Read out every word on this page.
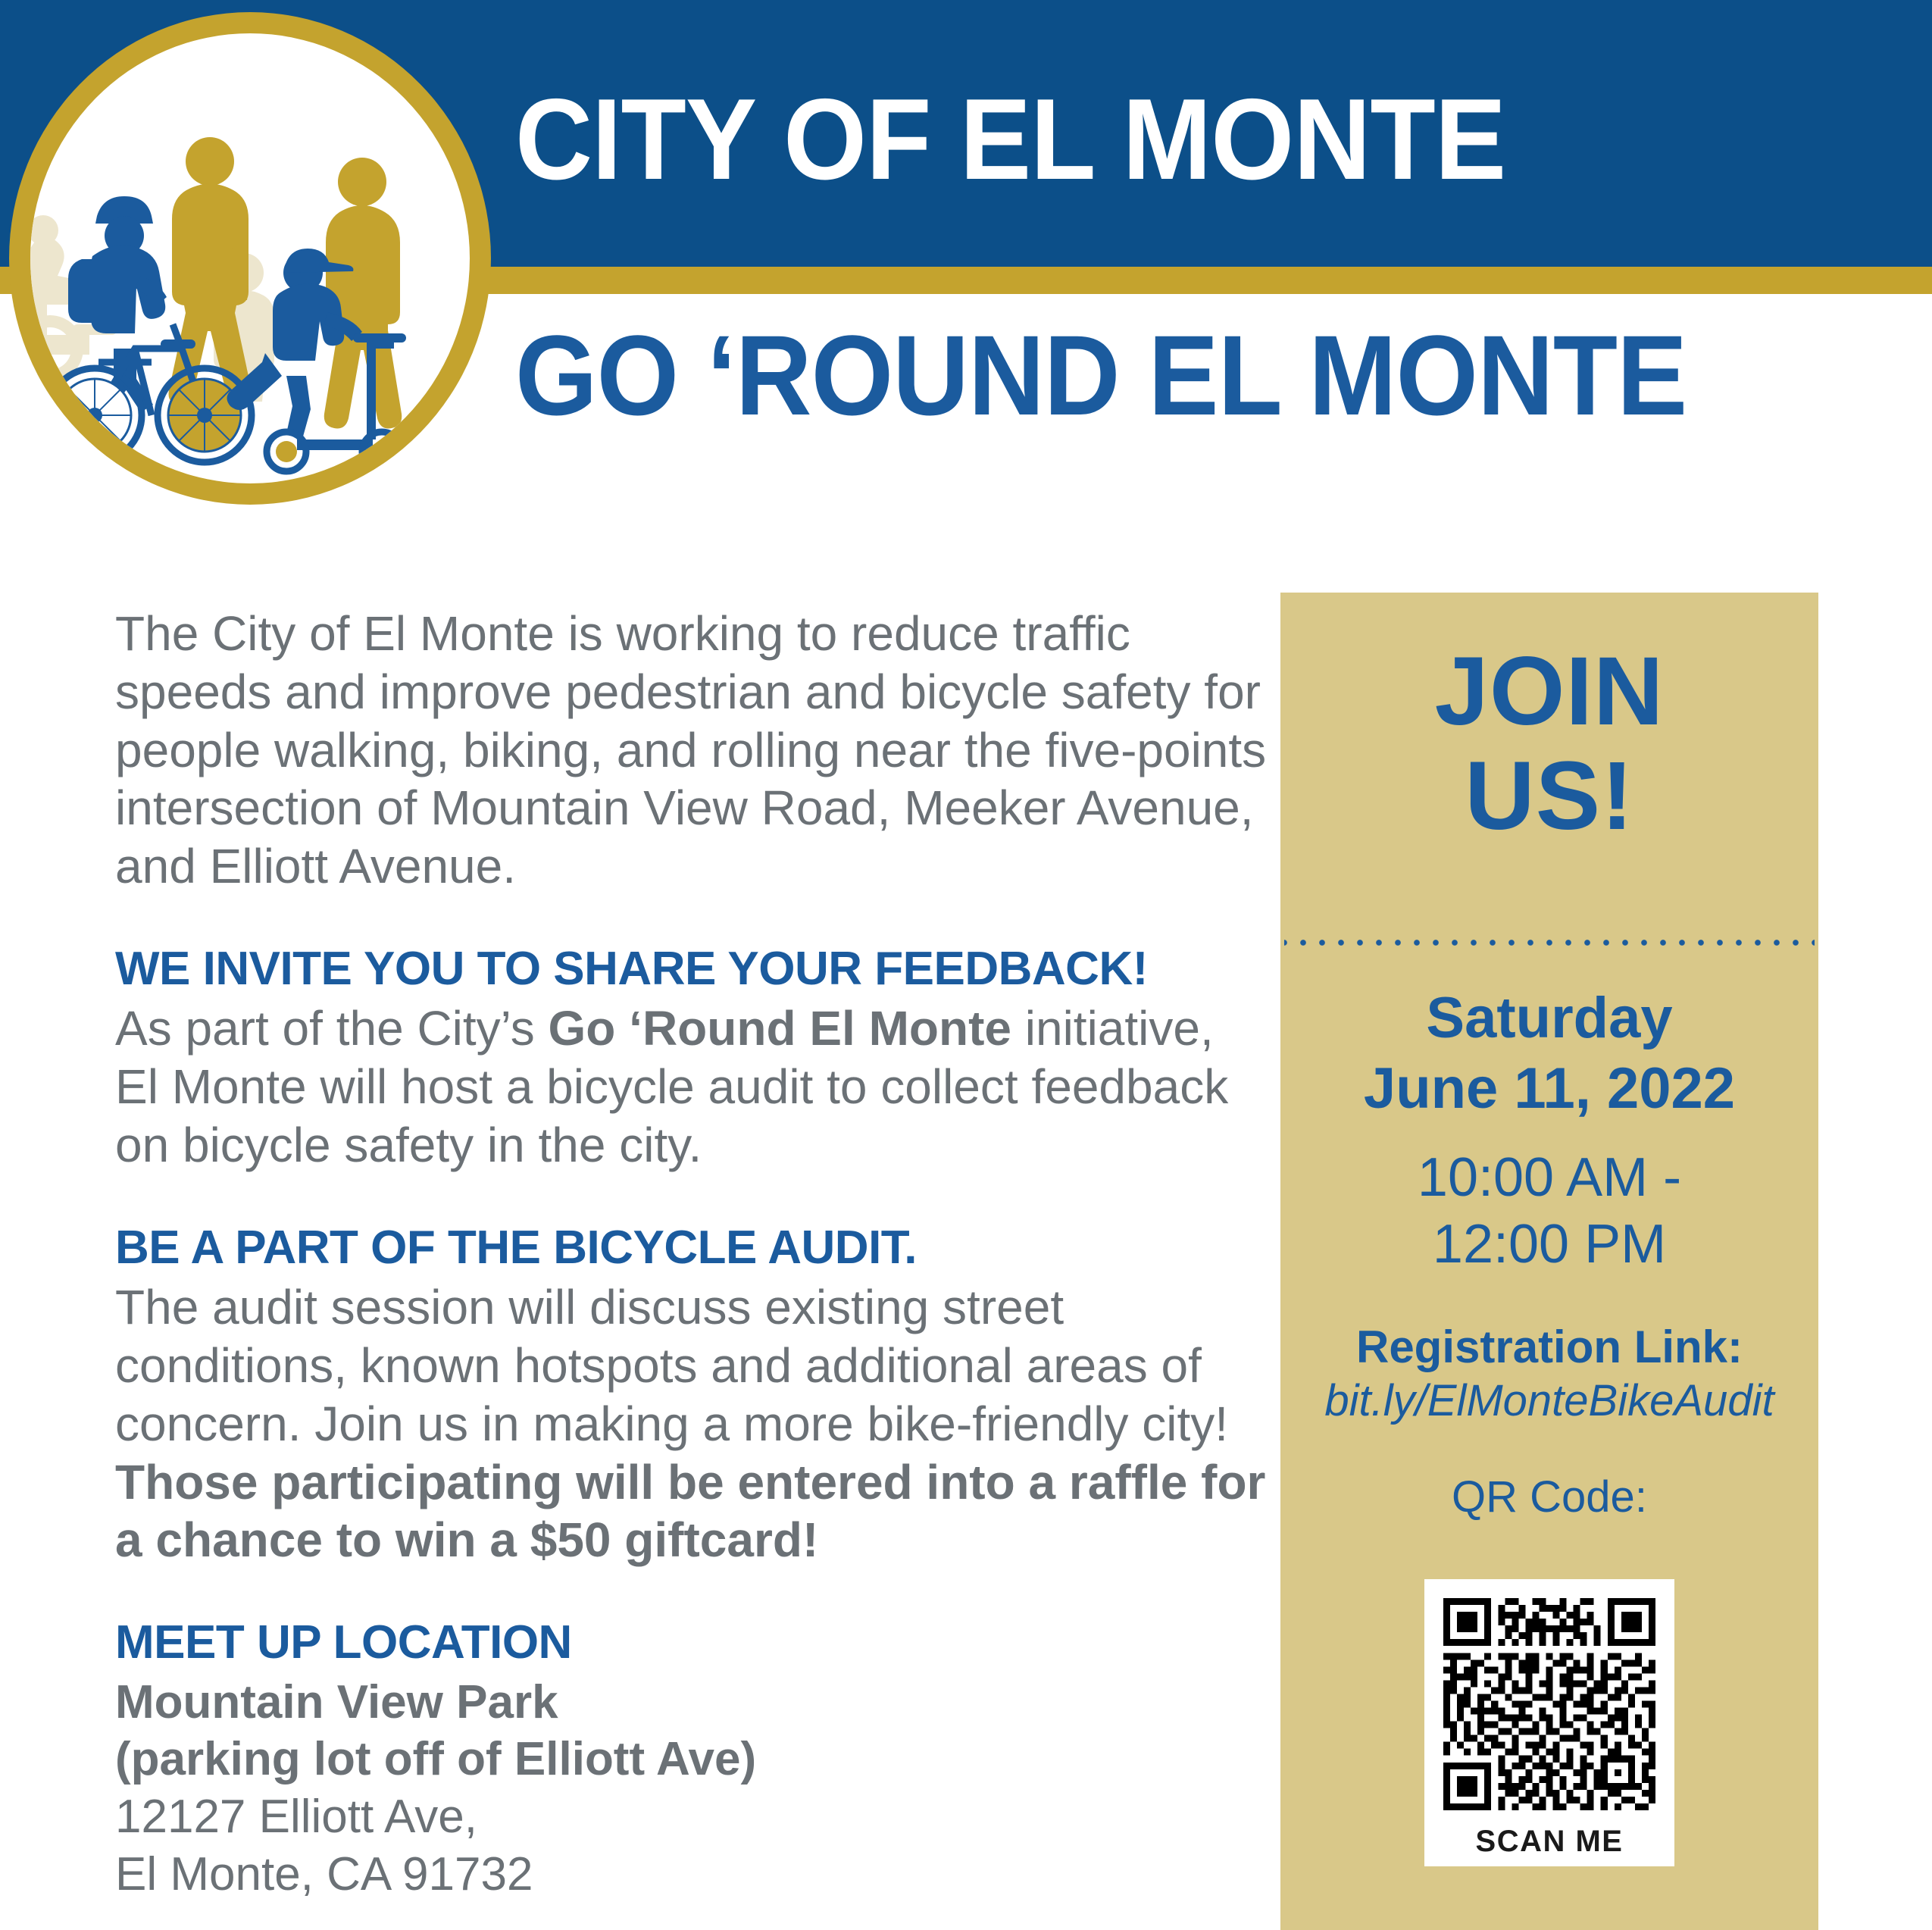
CITY OF EL MONTE
GO ‘ROUND EL MONTE

The City of El Monte is working to reduce traffic speeds and improve pedestrian and bicycle safety for people walking, biking, and rolling near the five-points intersection of Mountain View Road, Meeker Avenue, and Elliott Avenue.

WE INVITE YOU TO SHARE YOUR FEEDBACK!

As part of the City’s Go ‘Round El Monte initiative, El Monte will host a bicycle audit to collect feedback on bicycle safety in the city.

BE A PART OF THE BICYCLE AUDIT.

The audit session will discuss existing street conditions, known hotspots and additional areas of concern. Join us in making a more bike-friendly city! Those participating will be entered into a raffle for a chance to win a $50 giftcard!

MEET UP LOCATION

Mountain View Park

(parking lot off of Elliott Ave)

12127 Elliott Ave,

El Monte, CA 91732

JOIN
US!
Saturday
June 11, 2022
10:00 AM -
12:00 PM
Registration Link:
bit.ly/ElMonteBikeAudit
QR Code:
SCAN ME
